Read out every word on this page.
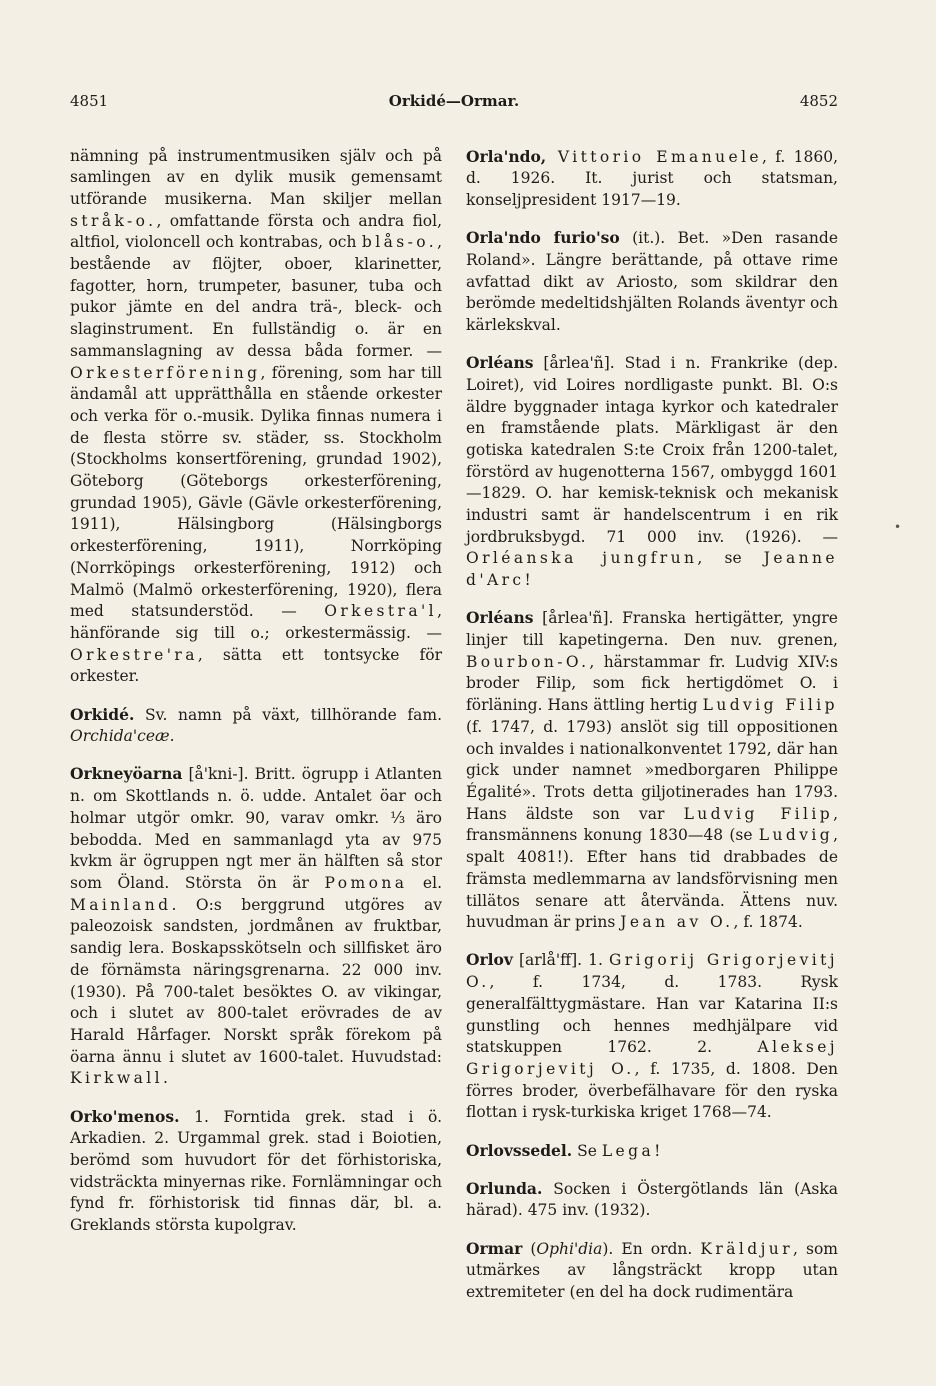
4851	Orkidé—Ormar.	4852

nämning på instrumentmusiken själv och på samlingen av en dylik musik gemensamt utförande musikerna. Man skiljer mellan stråk-o., omfattande första och andra fiol, altfiol, violoncell och kontrabas, och blås-o., bestående av flöjter, oboer, klarinetter, fagotter, horn, trumpeter, basuner, tuba och pukor jämte en del andra trä-, bleck- och slaginstrument. En fullständig o. är en sammanslagning av dessa båda former. — Orkesterförening, förening, som har till ändamål att upprätthålla en stående orkester och verka för o.-musik. Dylika finnas numera i de flesta större sv. städer, ss. Stockholm (Stockholms konsertförening, grundad 1902), Göteborg (Göteborgs orkesterförening, grundad 1905), Gävle (Gävle orkesterförening, 1911), Hälsingborg (Hälsingborgs orkesterförening, 1911), Norrköping (Norrköpings orkesterförening, 1912) och Malmö (Malmö orkesterförening, 1920), flera med statsunderstöd. — Orkestra'l, hänförande sig till o.; orkestermässig. — Orkestre'ra, sätta ett tontsycke för orkester.

Orkidé. Sv. namn på växt, tillhörande fam. Orchida'ceæ.

Orkneyöarna [å'kni-]. Britt. ögrupp i Atlanten n. om Skottlands n. ö. udde. Antalet öar och holmar utgör omkr. 90, varav omkr. ⅓ äro bebodda. Med en sammanlagd yta av 975 kvkm är ögruppen ngt mer än hälften så stor som Öland. Största ön är Pomona el. Mainland. O:s berggrund utgöres av paleozoisk sandsten, jordmånen av fruktbar, sandig lera. Boskapsskötseln och sillfisket äro de förnämsta näringsgrenarna. 22 000 inv. (1930). På 700-talet besöktes O. av vikingar, och i slutet av 800-talet erövrades de av Harald Hårfager. Norskt språk förekom på öarna ännu i slutet av 1600-talet. Huvudstad: Kirkwall.

Orko'menos. 1. Forntida grek. stad i ö. Arkadien. 2. Urgammal grek. stad i Boiotien, berömd som huvudort för det förhistoriska, vidsträckta minyernas rike. Fornlämningar och fynd fr. förhistorisk tid finnas där, bl. a. Greklands största kupolgrav.

Orla'ndo, Vittorio Emanuele, f. 1860, d. 1926. It. jurist och statsman, konseljpresident 1917—19.

Orla'ndo furio'so (it.). Bet. »Den rasande Roland». Längre berättande, på ottave rime avfattad dikt av Ariosto, som skildrar den berömde medeltidshjälten Rolands äventyr och kärlekskval.

Orléans [årlea'ñ]. Stad i n. Frankrike (dep. Loiret), vid Loires nordligaste punkt. Bl. O:s äldre byggnader intaga kyrkor och katedraler en framstående plats. Märkligast är den gotiska katedralen S:te Croix från 1200-talet, förstörd av hugenotterna 1567, ombyggd 1601—1829. O. har kemisk-teknisk och mekanisk industri samt är handelscentrum i en rik jordbruksbygd. 71 000 inv. (1926). — Orléanska jungfrun, se Jeanne d'Arc!

Orléans [årlea'ñ]. Franska hertigätter, yngre linjer till kapetingerna. Den nuv. grenen, Bourbon-O., härstammar fr. Ludvig XIV:s broder Filip, som fick hertigdömet O. i förläning. Hans ättling hertig Ludvig Filip (f. 1747, d. 1793) anslöt sig till oppositionen och invaldes i nationalkonventet 1792, där han gick under namnet »medborgaren Philippe Égalité». Trots detta giljotinerades han 1793. Hans äldste son var Ludvig Filip, fransmännens konung 1830—48 (se Ludvig, spalt 4081!). Efter hans tid drabbades de främsta medlemmarna av landsförvisning men tillätos senare att återvända. Ättens nuv. huvudman är prins Jean av O., f. 1874.

Orlov [arlå'ff]. 1. Grigorij Grigorjevitj O., f. 1734, d. 1783. Rysk generalfälttygmästare. Han var Katarina II:s gunstling och hennes medhjälpare vid statskuppen 1762. 2. Aleksej Grigorjevitj O., f. 1735, d. 1808. Den förres broder, överbefälhavare för den ryska flottan i rysk-turkiska kriget 1768—74.

Orlovssedel. Se Lega!

Orlunda. Socken i Östergötlands län (Aska härad). 475 inv. (1932).

Ormar (Ophi'dia). En ordn. Kräldjur, som utmärkes av långsträckt kropp utan extremiteter (en del ha dock rudimentära

•
